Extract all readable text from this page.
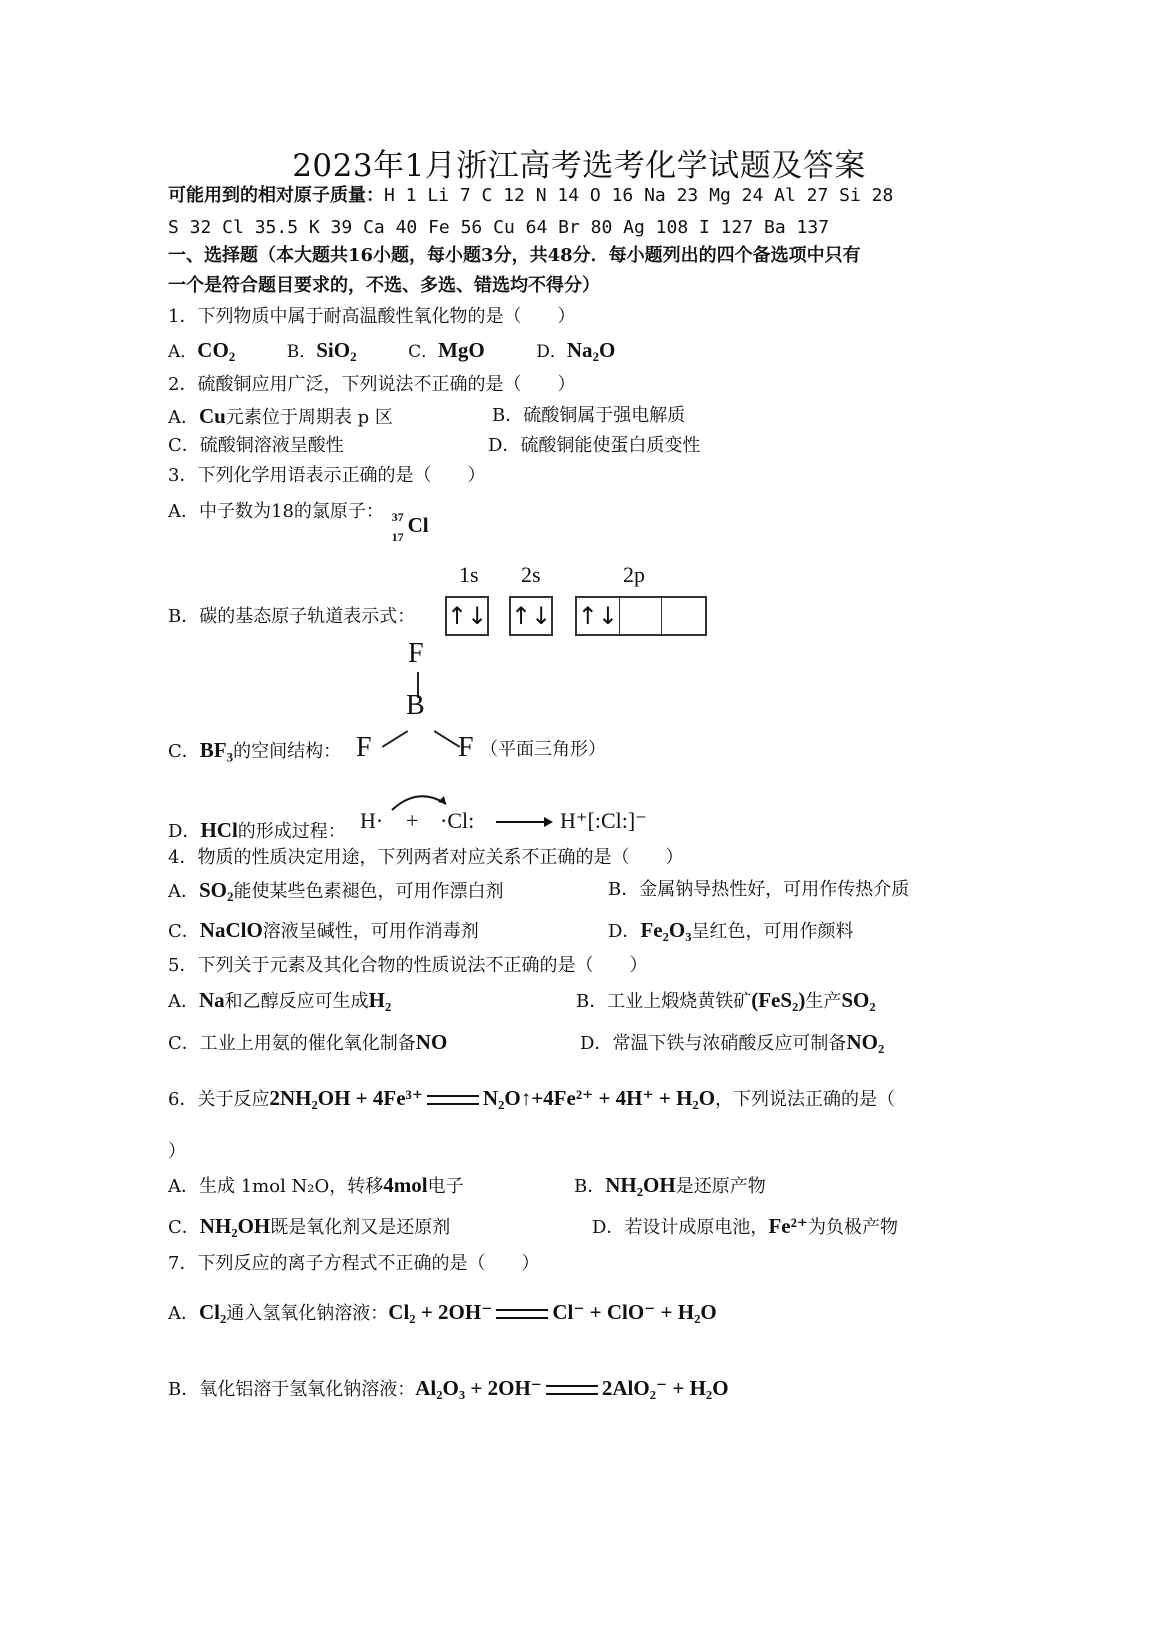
2023年1月浙江高考选考化学试题及答案
可能用到的相对原子质量：H 1 Li 7 C 12 N 14 O 16 Na 23 Mg 24 Al 27 Si 28
S 32 Cl 35.5 K 39 Ca 40 Fe 56 Cu 64 Br 80 Ag 108 I 127 Ba 137
一、选择题（本大题共16小题，每小题3分，共48分．每小题列出的四个备选项中只有
一个是符合题目要求的，不选、多选、错选均不得分）
1．下列物质中属于耐高温酸性氧化物的是（　　）
A．$CO_2$	B．SiO$_2$	C．MgO	D．$Na_2O$
2．硫酸铜应用广泛，下列说法不正确的是（　　）
A．Cu元素位于周期表 p 区	B．硫酸铜属于强电解质
C．硫酸铜溶液呈酸性	D．硫酸铜能使蛋白质变性
3．下列化学用语表示正确的是（　　）
A．中子数为18的氯原子： 37
17 Cl
1s 2s	2p
↑↓ ↑↓ ↑↓
B．碳的基态原子轨道表示式：
F
B
F	F
C．$BF_3$的空间结构：	（平面三角形）
H· + ·Cl:	H⁺[:Cl:]⁻
D．HCl的形成过程：
4．物质的性质决定用途，下列两者对应关系不正确的是（　　）
A．$SO_2$能使某些色素褪色，可用作漂白剂	B．金属钠导热性好，可用作传热介质
C．NaClO溶液呈碱性，可用作消毒剂	D．Fe₂O₃呈红色，可用作颜料
5．下列关于元素及其化合物的性质说法不正确的是（　　）
A．Na和乙醇反应可生成H₂	B．工业上煅烧黄铁矿(FeS₂)生产SO₂
C．工业上用氨的催化氧化制备NO	D．常温下铁与浓硝酸反应可制备NO₂
6．关于反应2NH₂OH + 4Fe³⁺	N₂O↑+4Fe²⁺ + 4H⁺ + H₂O，下列说法正确的是（
）
A．生成 1mol N₂O，转移4mol电子	B．NH₂OH是还原产物
C．NH₂OH既是氧化剂又是还原剂	D．若设计成原电池，Fe²⁺为负极产物
7．下列反应的离子方程式不正确的是（　　）
A．Cl₂通入氢氧化钠溶液：Cl₂ + 2OH⁻	Cl⁻ + ClO⁻ + H₂O
B．氧化铝溶于氢氧化钠溶液：Al₂O₃ + 2OH⁻	2AlO₂⁻ + H₂O
